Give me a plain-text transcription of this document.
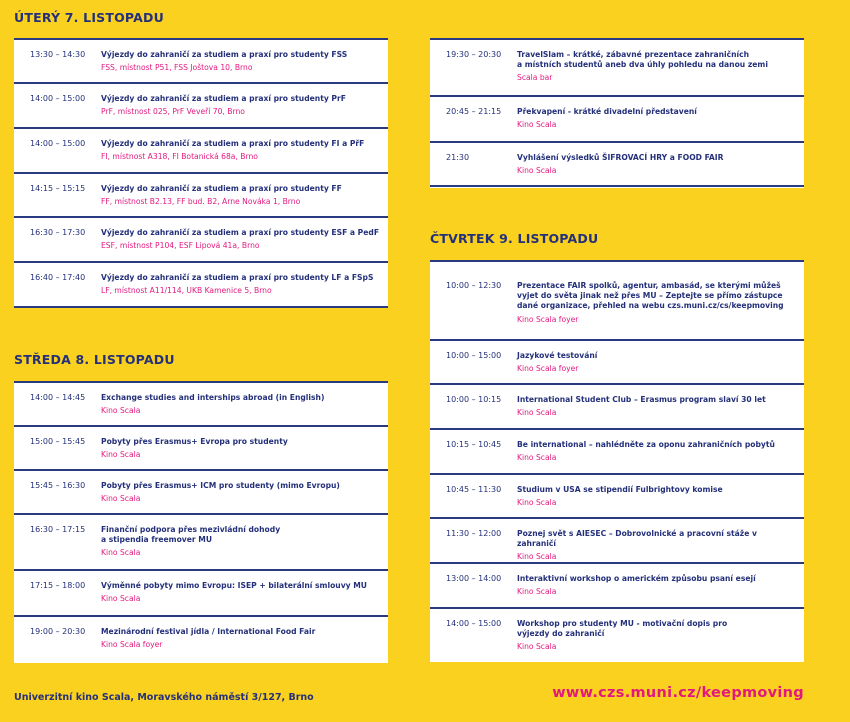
ÚTERÝ 7. LISTOPADU
13:30 – 14:30 Výjezdy do zahraničí za studiem a praxí pro studenty FSS
FSS, místnost P51, FSS Joštova 10, Brno
14:00 – 15:00 Výjezdy do zahraničí za studiem a praxí pro studenty PrF
PrF, místnost 025, PrF Veveří 70, Brno
14:00 – 15:00 Výjezdy do zahraničí za studiem a praxí pro studenty FI a PřF
FI, místnost A318, FI Botanická 68a, Brno
14:15 – 15:15 Výjezdy do zahraničí za studiem a praxí pro studenty FF
FF, místnost B2.13, FF bud. B2, Arne Nováka 1, Brno
16:30 – 17:30 Výjezdy do zahraničí za studiem a praxí pro studenty ESF a PedF
ESF, místnost P104, ESF Lipová 41a, Brno
16:40 – 17:40 Výjezdy do zahraničí za studiem a praxí pro studenty LF a FSpS
LF, místnost A11/114, UKB Kamenice 5, Brno
STŘEDA 8. LISTOPADU
14:00 – 14:45 Exchange studies and interships abroad (in English)
Kino Scala
15:00 – 15:45 Pobyty přes Erasmus+ Evropa pro studenty
Kino Scala
15:45 – 16:30 Pobyty přes Erasmus+ ICM pro studenty (mimo Evropu)
Kino Scala
16:30 – 17:15 Finanční podpora přes mezivládní dohody
a stipendia freemover MU
Kino Scala
17:15 – 18:00 Výměnné pobyty mimo Evropu: ISEP + bilaterální smlouvy MU
Kino Scala
19:00 – 20:30 Mezinárodní festival jídla / International Food Fair
Kino Scala foyer
19:30 – 20:30 TravelSlam – krátké, zábavné prezentace zahraničních
a místních studentů aneb dva úhly pohledu na danou zemi
Scala bar
20:45 – 21:15 Překvapení - krátké divadelní představení
Kino Scala
21:30	Vyhlášení výsledků ŠIFROVACÍ HRY a FOOD FAIR
Kino Scala
ČTVRTEK 9. LISTOPADU
10:00 – 12:30 Prezentace FAIR spolků, agentur, ambasád, se kterými můžeš
vyjet do světa jinak než přes MU – Zeptejte se přímo zástupce
dané organizace, přehled na webu czs.muni.cz/cs/keepmoving
Kino Scala foyer
10:00 – 15:00 Jazykové testování
Kino Scala foyer
10:00 – 10:15 International Student Club – Erasmus program slaví 30 let
Kino Scala
10:15 – 10:45 Be international – nahlédněte za oponu zahraničních pobytů
Kino Scala
10:45 – 11:30 Studium v USA se stipendií Fulbrightovy komise
Kino Scala
11:30 – 12:00 Poznej svět s AIESEC – Dobrovolnické a pracovní stáže v zahraničí
Kino Scala
13:00 – 14:00 Interaktivní workshop o americkém způsobu psaní esejí
Kino Scala
14:00 – 15:00 Workshop pro studenty MU - motivační dopis pro
výjezdy do zahraničí
Kino Scala
Univerzitní kino Scala, Moravského náměstí 3/127, Brno	www.czs.muni.cz/keepmoving
